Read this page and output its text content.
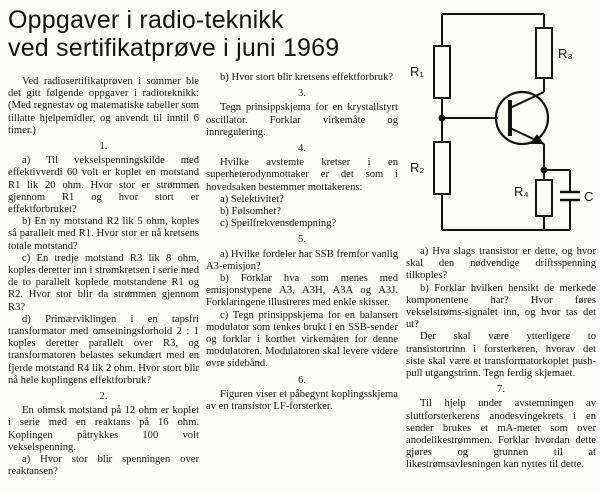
Oppgaver i radio-teknikk
ved sertifikatprøve i juni 1969

Ved radiosertifikatprøven i sommer ble det gitt følgende oppgaver i radioteknikk: (Med regnestav og matematiske tabeller som tillatte hjelpemidler, og anvendt til inntil 6 timer.)

1.

a) Til vekselspenningskilde med effektivverdi 60 volt er koplet en motstand R1 lik 20 ohm. Hvor stor er strømmen gjennom R1 og hvor stort er effektforbruket?

b) En ny motstand R2 lik 5 ohm, koples så parallelt med R1. Hvor stor er nå kretsens totale motstand?

c) En tredje motstand R3 lik 8 ohm, koples deretter inn i strømkretsen i serie med de to parallelt koplede motstandene R1 og R2. Hvor stor blir da strømmen gjennom R3?

d) Primærviklingen i en tapsfri transformator med omsetningsforhold 2 : 1 koples deretter parallelt over R3, og transformatoren belastes sekundært med en fjerde motstand R4 lik 2 ohm. Hvor stort blir nå hele koplingens effektforbruk?

2.

En ohmsk motstand på 12 ohm er koplet i serie med en reaktans på 16 ohm. Koplingen påtrykkes 100 volt vekselspenning.

a) Hvor stor blir spenningen over reaktansen?

b) Hvor stort blir kretsens effektforbruk?

3.

Tegn prinsippskjema for en krystallstyrt oscillator. Forklar virkemåte og innregulering.

4.

Hvilke avstemte kretser i en superheterodynmottaker er det som i hovedsaken bestemmer mottakerens:

a) Selektivitet?

b) Følsomhet?

c) Speilfrekvensdempning?

5.

a) Hvilke fordeler har SSB fremfor vanlig A3-emisjon?

b) Forklar hva som menes med emisjonstypene A3, A3H, A3A og A3J. Forklaringene illustreres med enkle skisser.

c) Tegn prinsippskjema for en balansert modulator som tenkes brukt i en SSB-sender og forklar i korthet virkemåten for denne modulatoren. Modulatoren skal levere videre øvre sidebånd.

6.

Figuren viser et påbegynt koplingsskjema av en transistor LF-forsterker.

R₁
R₃
R₂
R₄	C

a) Hva slags transistor er dette, og hvor skal den nødvendige driftsspenning tilkoples?

b) Forklar hvilken hensikt de merkede komponentene har? Hvor føres vekselstrøms-signalet inn, og hvor tas det ut?

Der skal være ytterligere to transistortrinn i forsterkeren, hvorav det siste skal være et transformatorkoplet push-pull utgangstrinn. Tegn ferdig skjemaet.

7.

Til hjelp under avstemningen av sluttforsterkerens anodesvingekrets i en sender brukes et mA-meter som over anodelikestrømmen. Forklar hvordan dette gjøres og grunnen til at likestrømsavlesningen kan nyttes til dette.
